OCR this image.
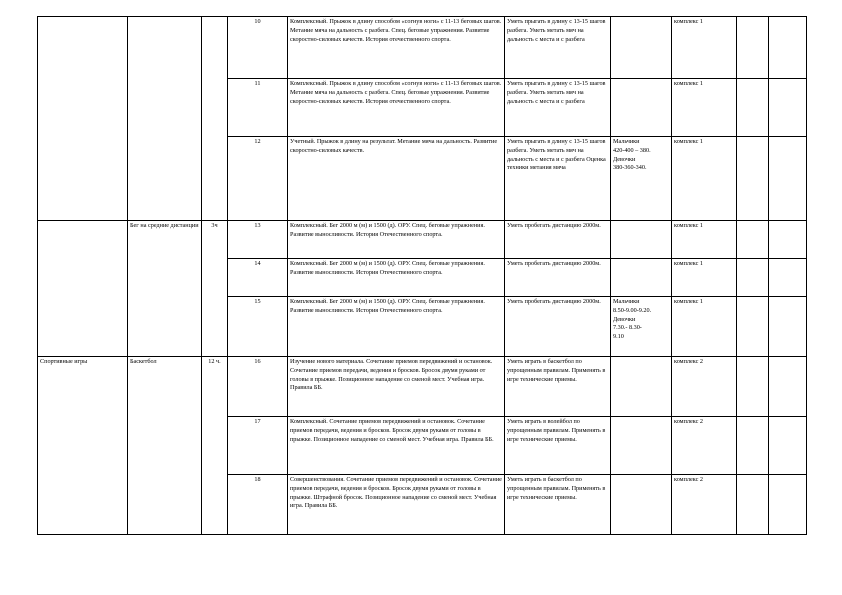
			10	Комплексный. Прыжок в длину способом «согнув ноги» с 11-13 беговых шагов. Метание мяча на дальность с разбега. Спец. беговые упражнения. Развитие скоростно-силовых качеств. История отечественного спорта.	Уметь прыгать в длину с 13-15 шагов разбега. Уметь метать мяч на дальность с места и с разбега		комплекс 1		
			11	Комплексный. Прыжок в длину способом «согнув ноги» с 11-13 беговых шагов. Метание мяча на дальность с разбега. Спец. беговые упражнения. Развитие скоростно-силовых качеств. История отечественного спорта.	Уметь прыгать в длину с 13-15 шагов разбега. Уметь метать мяч на дальность с места и с разбега		комплекс 1		
			12	Учетный. Прыжок в длину на результат. Метание мяча на дальность. Развитие скоростно-силовых качеств.	Уметь прыгать в длину с 13-15 шагов разбега. Уметь метать мяч на дальность с места и с разбега Оценка техники метания мяча	Мальчики
420-400 – 380.
Девочки
380-360-340.	комплекс 1		
	Бег на средние дистанции	3ч	13	Комплексный. Бег 2000 м (м) и 1500 (д). ОРУ. Спец. беговые упражнения. Развитие выносливости. История Отечественного спорта.	Уметь пробегать дистанцию 2000м.		комплекс 1		
			14	Комплексный. Бег 2000 м (м) и 1500 (д). ОРУ. Спец. беговые упражнения. Развитие выносливости. История Отечественного спорта.	Уметь пробегать дистанцию 2000м.		комплекс 1		
			15	Комплексный. Бег 2000 м (м) и 1500 (д). ОРУ. Спец. беговые упражнения. Развитие выносливости. История Отечественного спорта.	Уметь пробегать дистанцию 2000м.	Мальчики
8.50-9.00-9.20.
Девочки
7.30.- 8.30-
9.10	комплекс 1		
Спортивные игры	Баскетбол	12 ч.	16	Изучение нового материала. Сочетание приемов передвижений и остановок. Сочетание приемов передачи, ведения и бросков. Бросок двумя руками от головы в прыжке. Позиционное нападение со сменой мест. Учебная игра. Правила ББ.	Уметь играть в баскетбол по упрощенным правилам. Применять в игре технические приемы.		комплекс 2		
			17	Комплексный. Сочетание приемов передвижений и остановок. Сочетание приемов передачи, ведения и бросков. Бросок двумя руками от головы в прыжке. Позиционное нападение со сменой мест. Учебная игра. Правила ББ.	Уметь играть в волейбол по упрощенным правилам. Применять в игре технические приемы.		комплекс 2		
			18	Совершенствования. Сочетание приемов передвижений и остановок. Сочетание приемов передачи, ведения и бросков. Бросок двумя руками от головы в прыжке. Штрафной бросок. Позиционное нападение со сменой мест. Учебная игра. Правила ББ.	Уметь играть в баскетбол по упрощенным правилам. Применять в игре технические приемы.		комплекс 2		
